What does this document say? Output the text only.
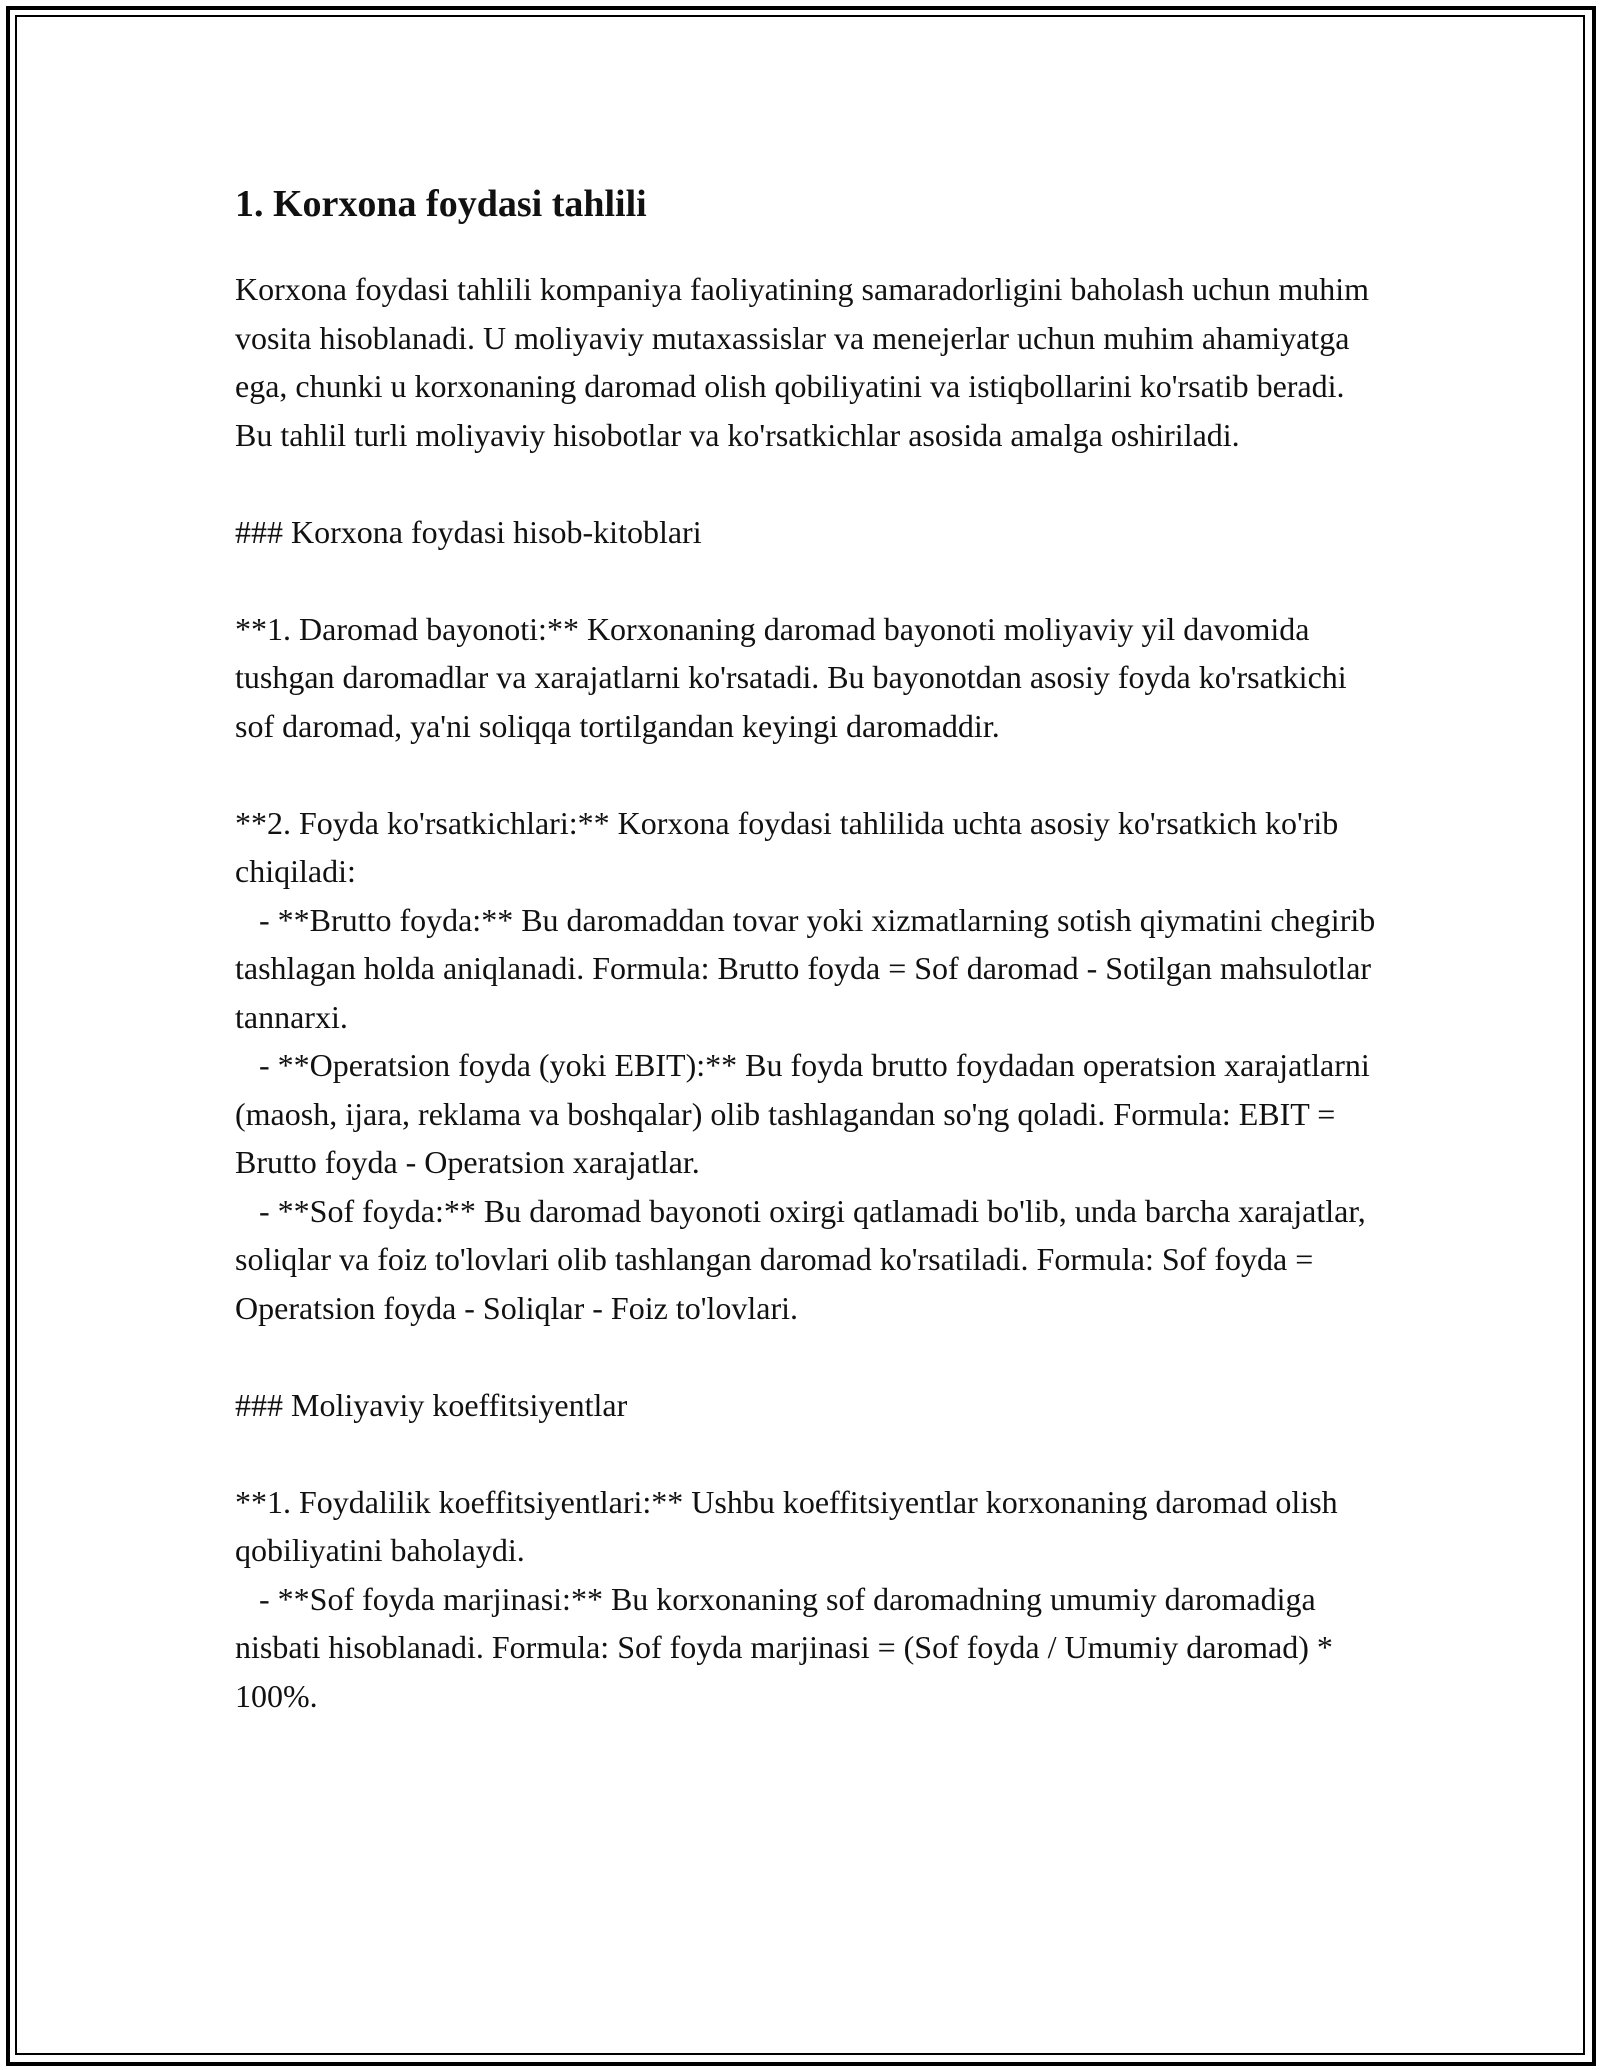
1. Korxona foydasi tahlili

Korxona foydasi tahlili kompaniya faoliyatining samaradorligini baholash uchun muhim vosita hisoblanadi. U moliyaviy mutaxassislar va menejerlar uchun muhim ahamiyatga ega, chunki u korxonaning daromad olish qobiliyatini va istiqbollarini ko'rsatib beradi. Bu tahlil turli moliyaviy hisobotlar va ko'rsatkichlar asosida amalga oshiriladi.

### Korxona foydasi hisob-kitoblari

**1. Daromad bayonoti:** Korxonaning daromad bayonoti moliyaviy yil davomida tushgan daromadlar va xarajatlarni ko'rsatadi. Bu bayonotdan asosiy foyda ko'rsatkichi sof daromad, ya'ni soliqqa tortilgandan keyingi daromaddir.

**2. Foyda ko'rsatkichlari:** Korxona foydasi tahlilida uchta asosiy ko'rsatkich ko'rib chiqiladi:
- **Brutto foyda:** Bu daromaddan tovar yoki xizmatlarning sotish qiymatini chegirib tashlagan holda aniqlanadi. Formula: Brutto foyda = Sof daromad - Sotilgan mahsulotlar tannarxi.
- **Operatsion foyda (yoki EBIT):** Bu foyda brutto foydadan operatsion xarajatlarni (maosh, ijara, reklama va boshqalar) olib tashlagandan so'ng qoladi. Formula: EBIT = Brutto foyda - Operatsion xarajatlar.
- **Sof foyda:** Bu daromad bayonoti oxirgi qatlamadi bo'lib, unda barcha xarajatlar, soliqlar va foiz to'lovlari olib tashlangan daromad ko'rsatiladi. Formula: Sof foyda = Operatsion foyda - Soliqlar - Foiz to'lovlari.

### Moliyaviy koeffitsiyentlar

**1. Foydalilik koeffitsiyentlari:** Ushbu koeffitsiyentlar korxonaning daromad olish qobiliyatini baholaydi.
- **Sof foyda marjinasi:** Bu korxonaning sof daromadning umumiy daromadiga nisbati hisoblanadi. Formula: Sof foyda marjinasi = (Sof foyda / Umumiy daromad) * 100%.
